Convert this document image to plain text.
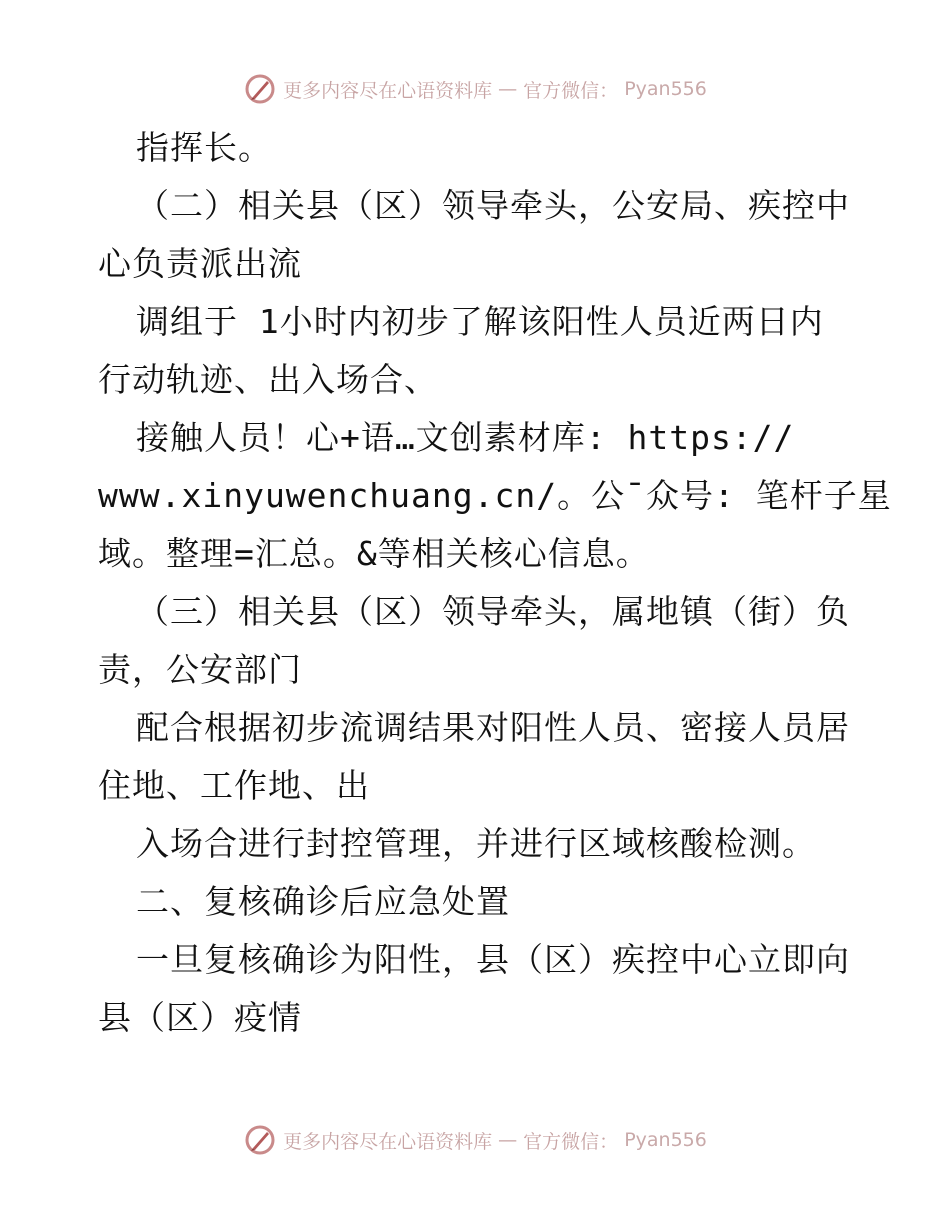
更多内容尽在心语资料库 — 官方微信： Pyan556
指挥长。
（二）相关县（区）领导牵头，公安局、疾控中
心负责派出流
调组于 1小时内初步了解该阳性人员近两日内
行动轨迹、出入场合、
接触人员！心+语…文创素材库: https://
www.xinyuwenchuang.cn/。公¯众号: 笔杆子星
域。整理=汇总。&等相关核心信息。
（三）相关县（区）领导牵头，属地镇（街）负
责，公安部门
配合根据初步流调结果对阳性人员、密接人员居
住地、工作地、出
入场合进行封控管理，并进行区域核酸检测。
二、复核确诊后应急处置
一旦复核确诊为阳性，县（区）疾控中心立即向
县（区）疫情
更多内容尽在心语资料库 — 官方微信： Pyan556
